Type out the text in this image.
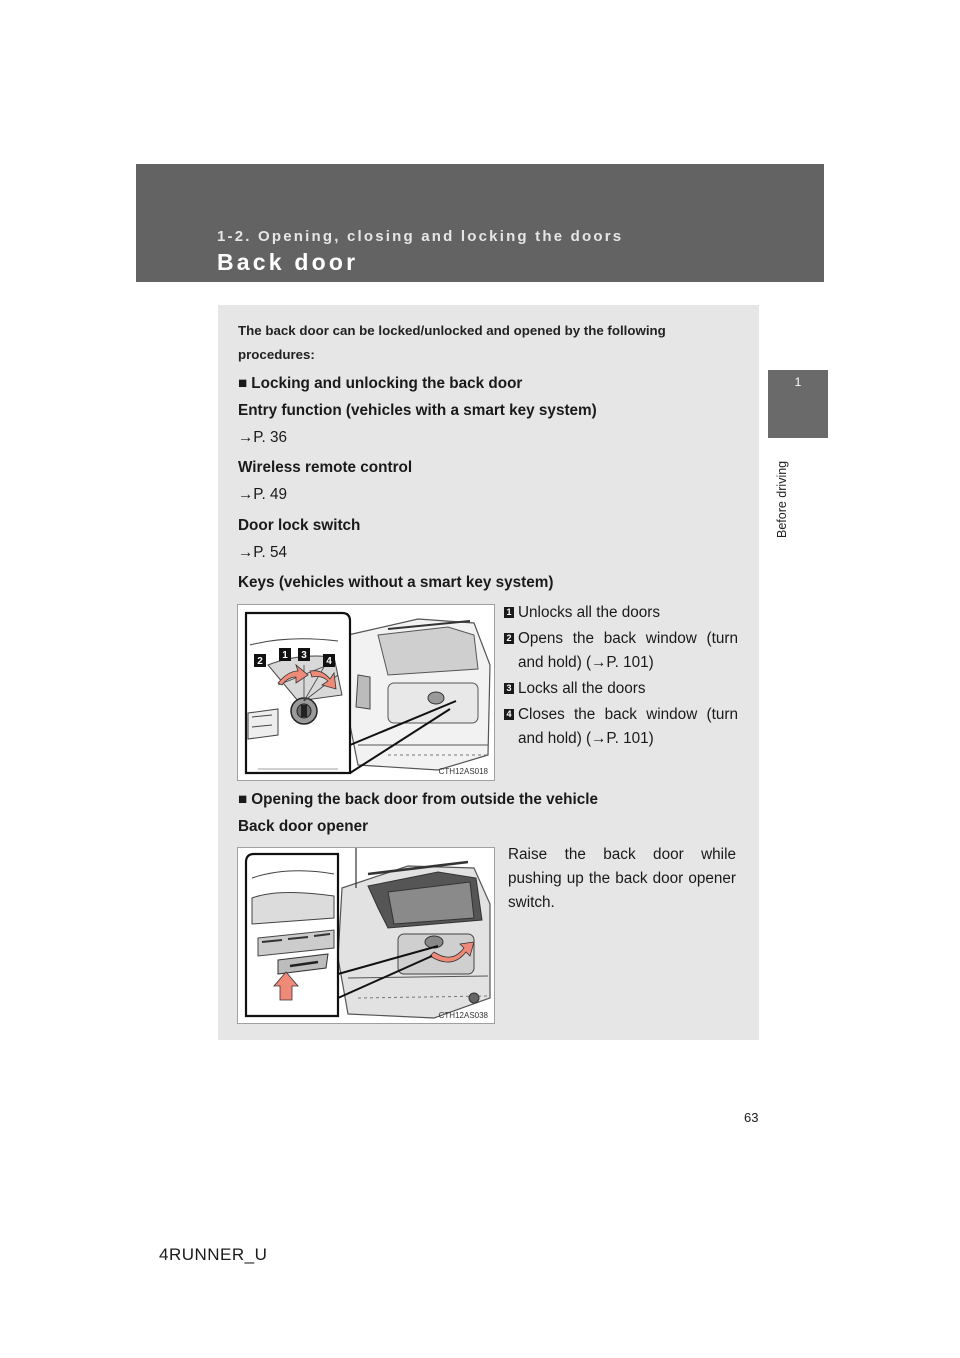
1-2. Opening, closing and locking the doors
Back door
1
Before driving
The back door can be locked/unlocked and opened by the following procedures:
■ Locking and unlocking the back door
Entry function (vehicles with a smart key system)
→P. 36
Wireless remote control
→P. 49
Door lock switch
→P. 54
Keys (vehicles without a smart key system)
2
1 3
4
CTH12AS018
1 Unlocks all the doors
2 Opens the back window (turn and hold) (→P. 101)
3 Locks all the doors
4 Closes the back window (turn and hold) (→P. 101)
■ Opening the back door from outside the vehicle
Back door opener
CTH12AS038
Raise the back door while pushing up the back door opener switch.
63
4RUNNER_U
